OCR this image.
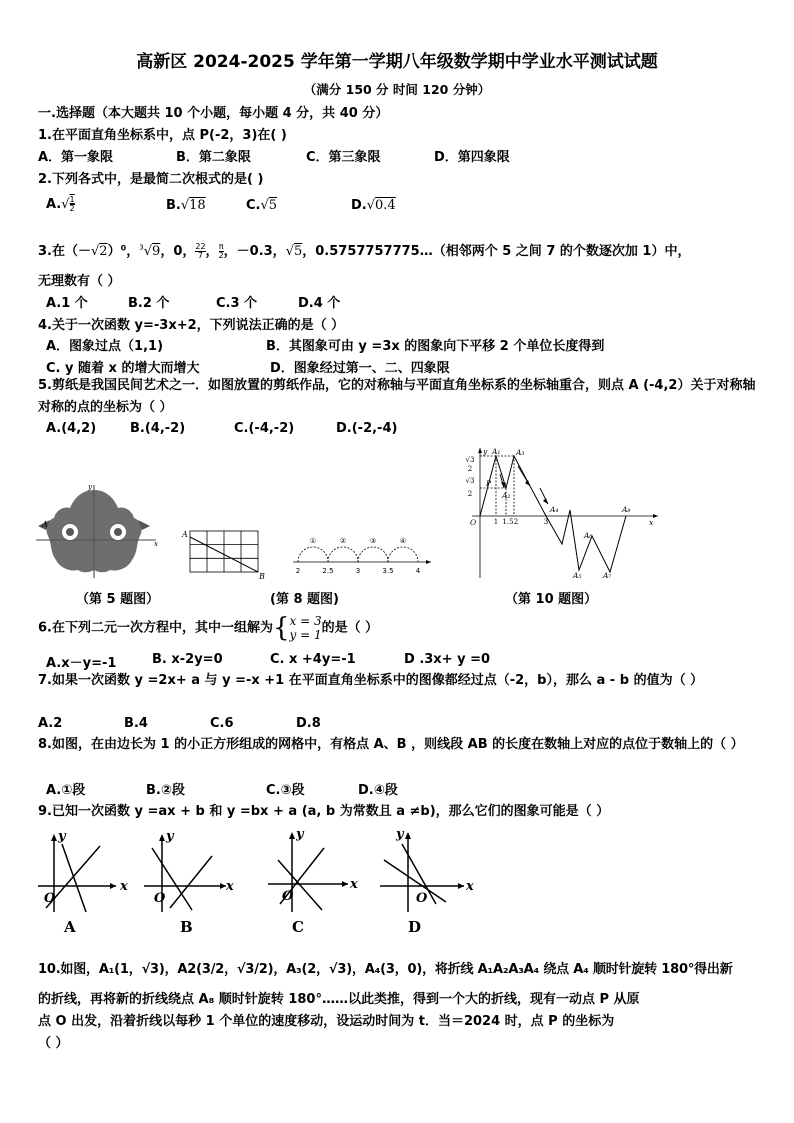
高新区 2024-2025 学年第一学期八年级数学期中学业水平测试试题
（满分 150 分 时间 120 分钟）
一.选择题（本大题共 10 个小题，每小题 4 分，共 40 分）
1.在平面直角坐标系中，点 P(-2，3)在( )
A．第一象限	B．第二象限	C．第三象限	D．第四象限
2.下列各式中，是最简二次根式的是( )
$A.√ \frac{1}{2}$	B.√18	C.√5	D.√0.4
3.在（－√2）⁰，$^3$√9，0， $\frac{22}{7}$ ， $\frac{\pi}{2}$ ，－0.3，√5，0.5757757775…（相邻两个 5 之间 7 的个数逐次加 1）中，
无理数有（ ）
A.1 个	B.2 个	C.3 个	D.4 个
4.关于一次函数 y=-3x+2，下列说法正确的是（ ）
A．图象过点（1,1)	B．其图象可由 y =3x 的图象向下平移 2 个单位长度得到
C. y 随着 x 的增大而增大	D．图象经过第一、二、四象限
5.剪纸是我国民间艺术之一．如图放置的剪纸作品，它的对称轴与平面直角坐标系的坐标轴重合，则点 A (-4,2）关于对称轴对称的点的坐标为（ ）
A.(4,2)	B.(4,-2)	C.(-4,-2)	D.(-2,-4)
A
y
x
A
B
①	②	③	④
2	2.5	3	3.5	4
y
x
O
P
A₁
A₂
A₃
A₄
A₅
A₆
A₇
A₈
1 1.5 2	3
√3
√3
2
2
（第 5 题图）	(第 8 题图)	（第 10 题图）
6.在下列二元一次方程中，其中一组解为{ x = 3
y = 1 的是（ ）
A.x－y=-1	B. x-2y=0	C. x +4y=-1	D .3x+ y =0
7.如果一次函数 y =2x+ a 与 y =-x +1 在平面直角坐标系中的图像都经过点（-2，b），那么 a - b 的值为（ ）
A.2	B.4	C.6	D.8
8.如图，在由边长为 1 的小正方形组成的网格中，有格点 A、B ，则线段 AB 的长度在数轴上对应的点位于数轴上的（ ）
A.①段	B.②段	C.③段	D.④段
9.已知一次函数 y =ax + b 和 y =bx + a (a, b 为常数且 a ≠b)，那么它们的图象可能是（ ）
x
y
O
x
y
O
x
y
O
x
y
O
A	B	C	D
10.如图，A₁(1，√3)，A2(3/2，√3/2)，A₃(2，√3)，A₄(3，0)，将折线 A₁A₂A₃A₄ 绕点 A₄ 顺时针旋转 180°得出新
的折线，再将新的折线绕点 A₈ 顺时针旋转 180°……以此类推，得到一个大的折线，现有一动点 P 从原
点 O 出发，沿着折线以每秒 1 个单位的速度移动，设运动时间为 t．当＝2024 时，点 P 的坐标为
（ ）
